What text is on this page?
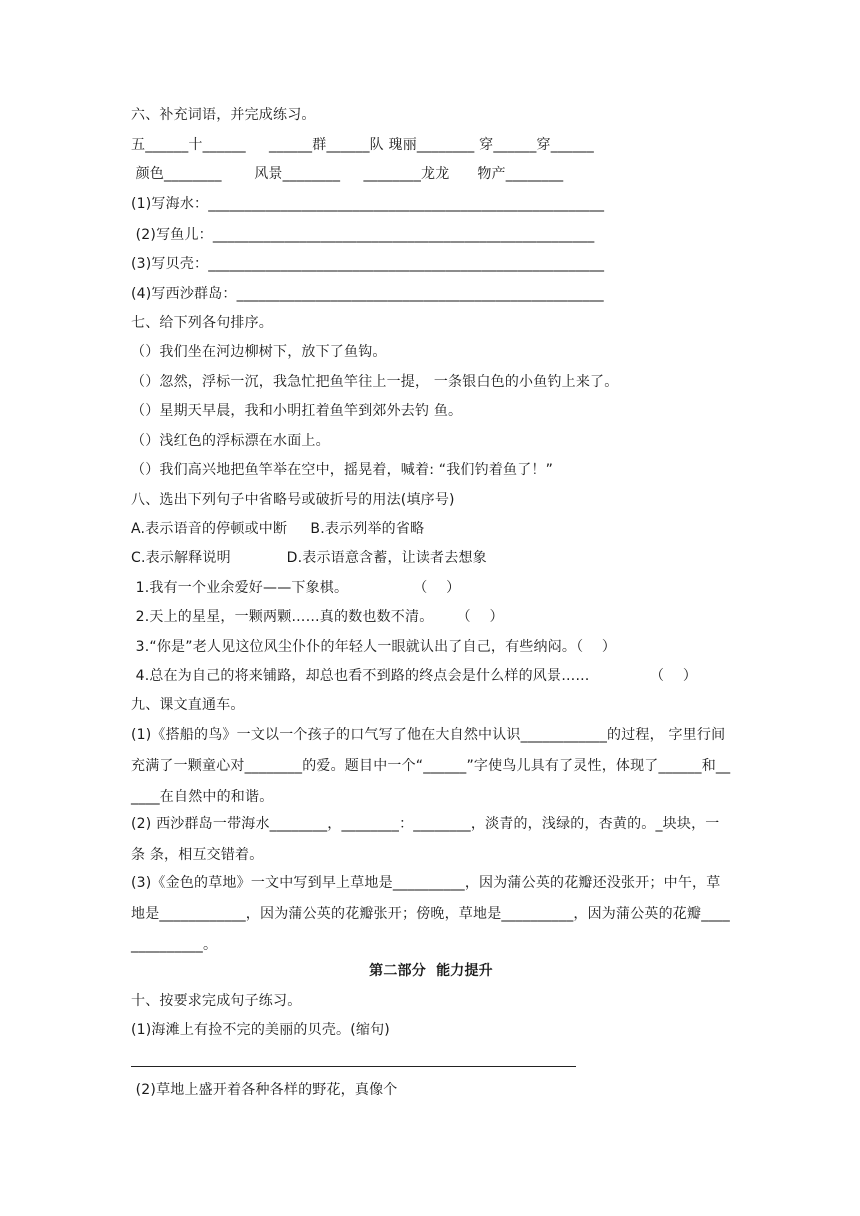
六、补充词语，并完成练习。
五______十______     ______群______队 瑰丽________ 穿______穿______
颜色________       风景________     ________龙龙      物产________
(1)写海水：_______________________________________________________
(2)写鱼儿：_____________________________________________________
(3)写贝壳：_______________________________________________________
(4)写西沙群岛：___________________________________________________
七、给下列各句排序。
（）我们坐在河边柳树下，放下了鱼钩。
（）忽然，浮标一沉，我急忙把鱼竿往上一提， 一条银白色的小鱼钓上来了。
（）星期天早晨，我和小明扛着鱼竿到郊外去钓 鱼。
（）浅红色的浮标漂在水面上。
（）我们高兴地把鱼竿举在空中，摇晃着，喊着: “我们钓着鱼了！”
八、选出下列句子中省略号或破折号的用法(填序号)
A.表示语音的停顿或中断     B.表示列举的省略
C.表示解释说明            D.表示语意含蓄，让读者去想象
1.我有一个业余爱好——下象棋。              （    ）
2.天上的星星，一颗两颗……真的数也数不清。     （    ）
3.“你是”老人见这位风尘仆仆的年轻人一眼就认出了自己，有些纳闷。（    ）
4.总在为自己的将来铺路，却总也看不到路的终点会是什么样的风景……             （    ）
九、课文直通车。
(1)《搭船的鸟》一文以一个孩子的口气写了他在大自然中认识____________的过程， 字里行间充满了一颗童心对________的爱。题目中一个“______”字使鸟儿具有了灵性，体现了______和______在自然中的和谐。
(2) 西沙群岛一带海水________，________：________，淡青的，浅绿的，杏黄的。_块块，一条 条，相互交错着。
(3)《金色的草地》一文中写到早上草地是__________，因为蒲公英的花瓣还没张开；中午，草地是____________，因为蒲公英的花瓣张开；傍晚，草地是__________，因为蒲公英的花瓣______________。
第二部分  能力提升
十、按要求完成句子练习。
(1)海滩上有捡不完的美丽的贝壳。(缩句)
(2)草地上盛开着各种各样的野花，真像个
